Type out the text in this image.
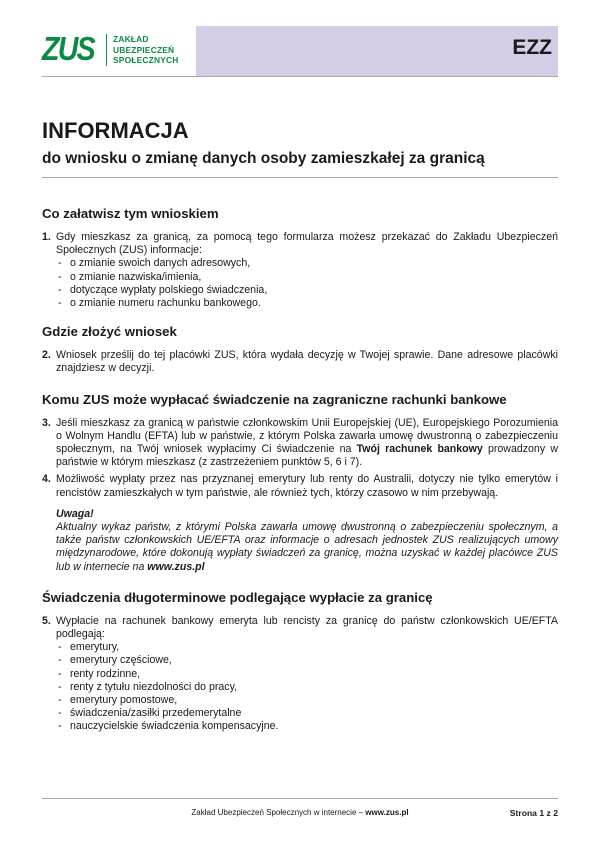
ZUS ZAKŁAD
UBEZPIECZEŃ
SPOŁECZNYCH
EZZ
INFORMACJA
do wniosku o zmianę danych osoby zamieszkałej za granicą
Co załatwisz tym wnioskiem
1. Gdy mieszkasz za granicą, za pomocą tego formularza możesz przekazać do Zakładu Ubezpieczeń Społecznych (ZUS) informacje:
- o zmianie swoich danych adresowych,
- o zmianie nazwiska/imienia,
- dotyczące wypłaty polskiego świadczenia,
- o zmianie numeru rachunku bankowego.
Gdzie złożyć wniosek
2. Wniosek prześlij do tej placówki ZUS, która wydała decyzję w Twojej sprawie. Dane adresowe placówki znajdziesz w decyzji.
Komu ZUS może wypłacać świadczenie na zagraniczne rachunki bankowe
3. Jeśli mieszkasz za granicą w państwie członkowskim Unii Europejskiej (UE), Europejskiego Porozumienia o Wolnym Handlu (EFTA) lub w państwie, z którym Polska zawarła umowę dwustronną o zabezpieczeniu społecznym, na Twój wniosek wypłacimy Ci świadczenie na Twój rachunek bankowy prowadzony w państwie w którym mieszkasz (z zastrzeżeniem punktów 5, 6 i 7).
4. Możliwość wypłaty przez nas przyznanej emerytury lub renty do Australii, dotyczy nie tylko emerytów i rencistów zamieszkałych w tym państwie, ale również tych, którzy czasowo w nim przebywają.
Uwaga!
Aktualny wykaz państw, z którymi Polska zawarła umowę dwustronną o zabezpieczeniu społecznym, a także państw członkowskich UE/EFTA oraz informacje o adresach jednostek ZUS realizujących umowy międzynarodowe, które dokonują wypłaty świadczeń za granicę, można uzyskać w każdej placówce ZUS lub w internecie na www.zus.pl
Świadczenia długoterminowe podlegające wypłacie za granicę
5. Wypłacie na rachunek bankowy emeryta lub rencisty za granicę do państw członkowskich UE/EFTA podlegają:
- emerytury,
- emerytury częściowe,
- renty rodzinne,
- renty z tytułu niezdolności do pracy,
- emerytury pomostowe,
- świadczenia/zasiłki przedemerytalne
- nauczycielskie świadczenia kompensacyjne.
Zakład Ubezpieczeń Społecznych w internecie – www.zus.pl	Strona 1 z 2
